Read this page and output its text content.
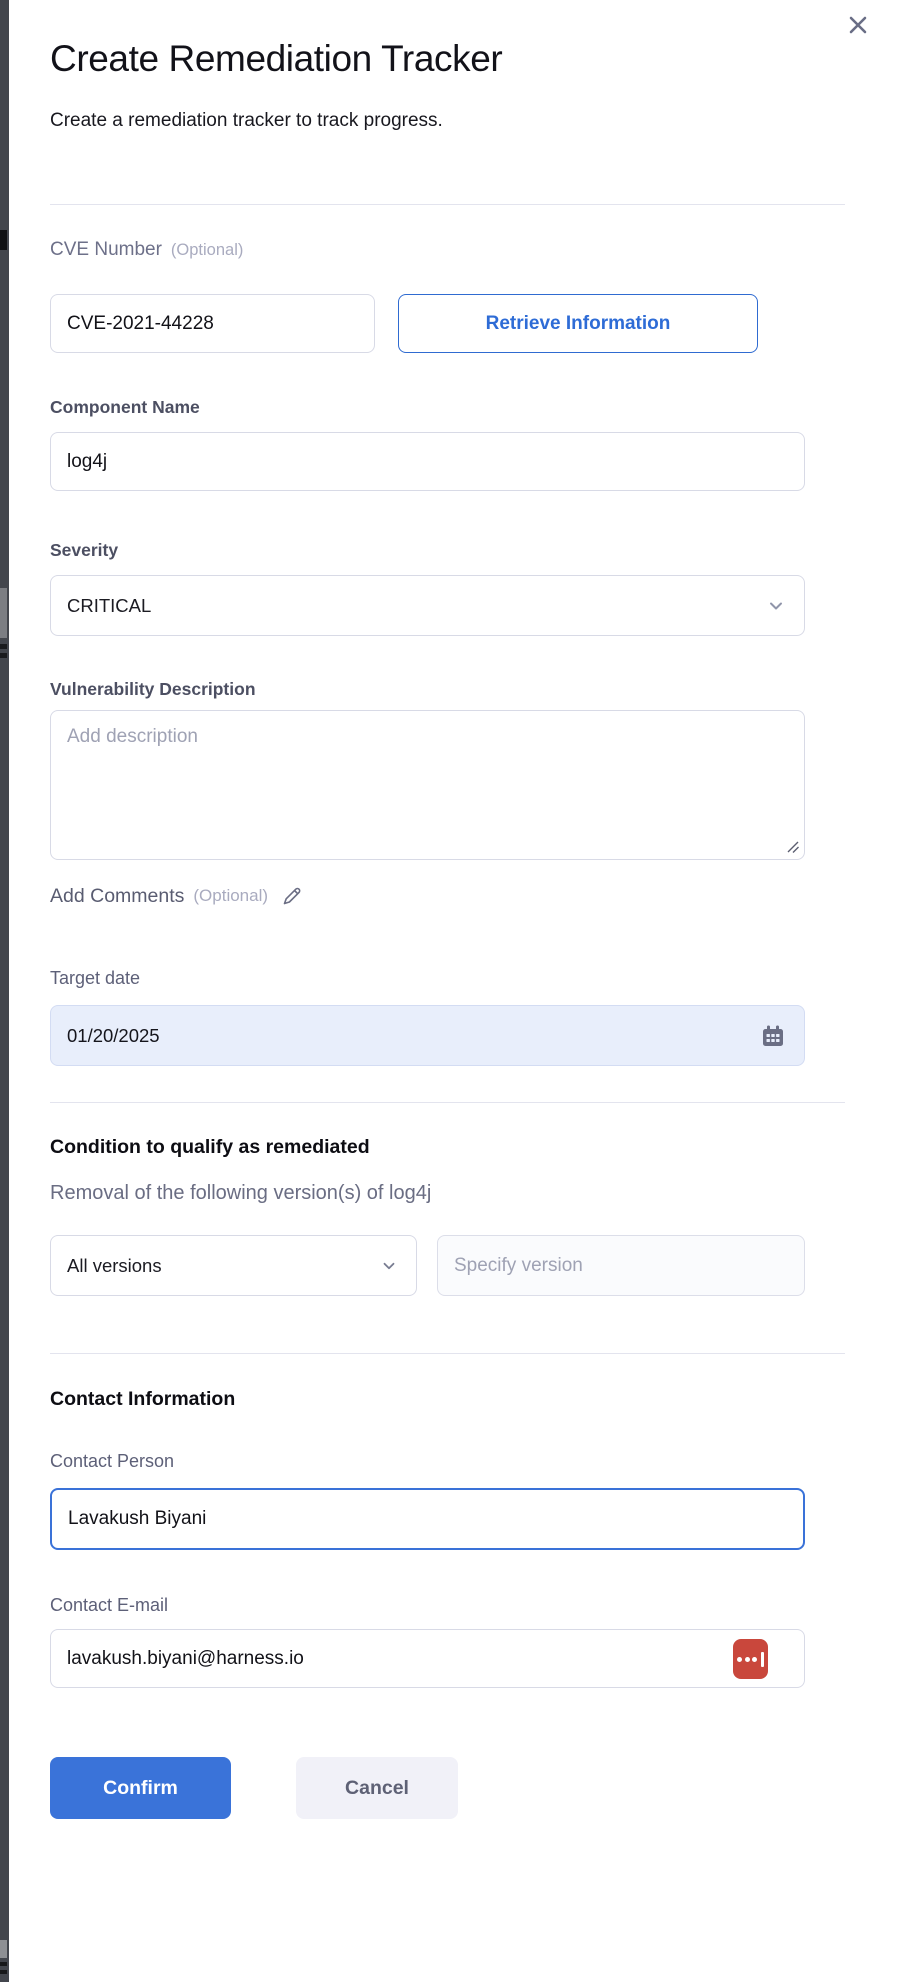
Create Remediation Tracker
Create a remediation tracker to track progress.
CVE Number (Optional)
CVE-2021-44228
Retrieve Information
Component Name
log4j
Severity
CRITICAL
Vulnerability Description
Add description
Add Comments (Optional)
Target date
01/20/2025
Condition to qualify as remediated
Removal of the following version(s) of log4j
All versions
Specify version
Contact Information
Contact Person
Lavakush Biyani
Contact E-mail
lavakush.biyani@harness.io
Confirm	Cancel
